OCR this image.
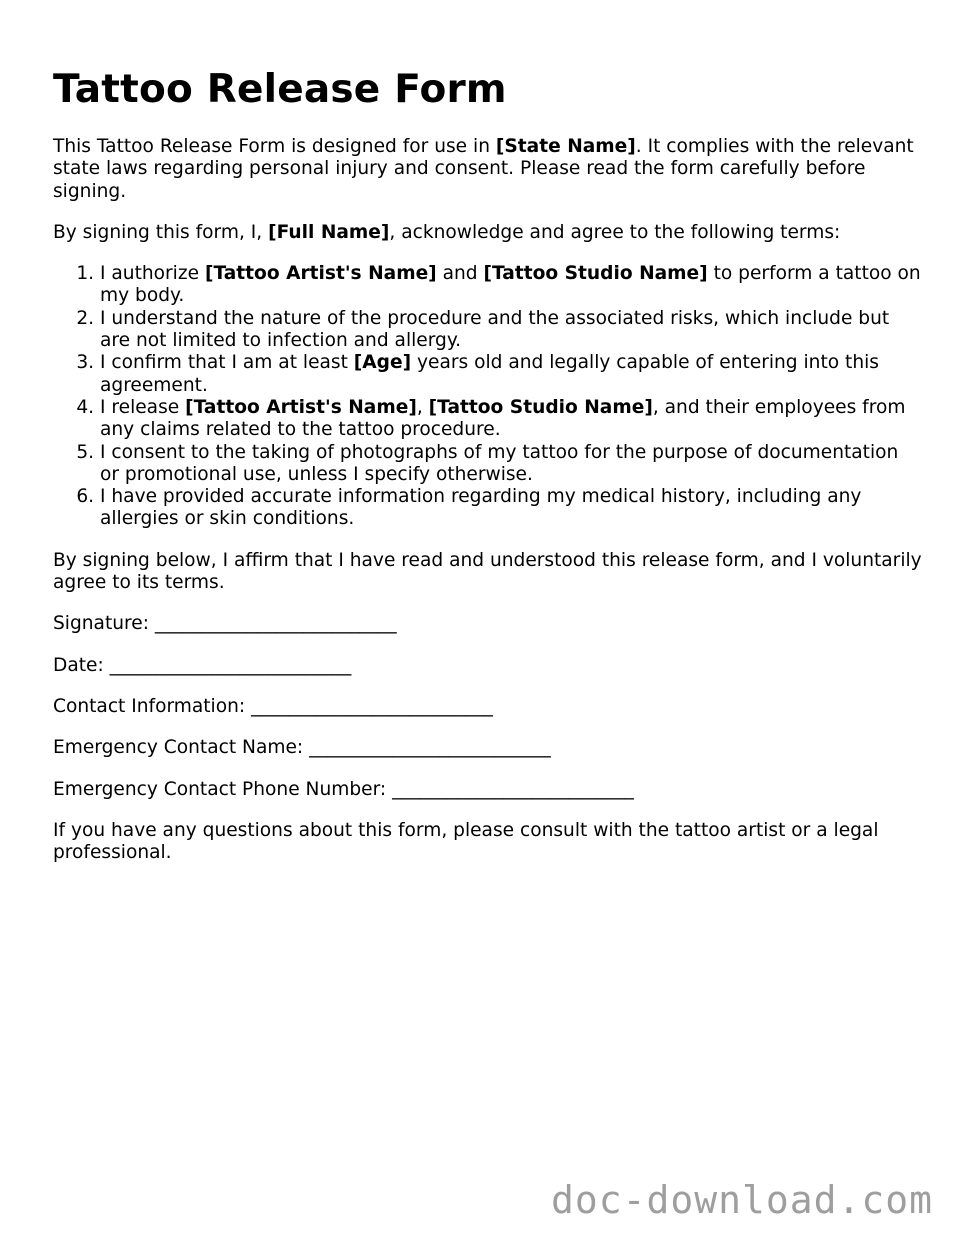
Tattoo Release Form

This Tattoo Release Form is designed for use in [State Name]. It complies with the relevant state laws regarding personal injury and consent. Please read the form carefully before signing.

By signing this form, I, [Full Name], acknowledge and agree to the following terms:

1. I authorize [Tattoo Artist's Name] and [Tattoo Studio Name] to perform a tattoo on my body.
2. I understand the nature of the procedure and the associated risks, which include but are not limited to infection and allergy.
3. I confirm that I am at least [Age] years old and legally capable of entering into this agreement.
4. I release [Tattoo Artist's Name], [Tattoo Studio Name], and their employees from any claims related to the tattoo procedure.
5. I consent to the taking of photographs of my tattoo for the purpose of documentation or promotional use, unless I specify otherwise.
6. I have provided accurate information regarding my medical history, including any allergies or skin conditions.

By signing below, I affirm that I have read and understood this release form, and I voluntarily agree to its terms.

Signature: __________________________
Date: __________________________
Contact Information: __________________________
Emergency Contact Name: __________________________
Emergency Contact Phone Number: __________________________

If you have any questions about this form, please consult with the tattoo artist or a legal professional.

doc-download.com
